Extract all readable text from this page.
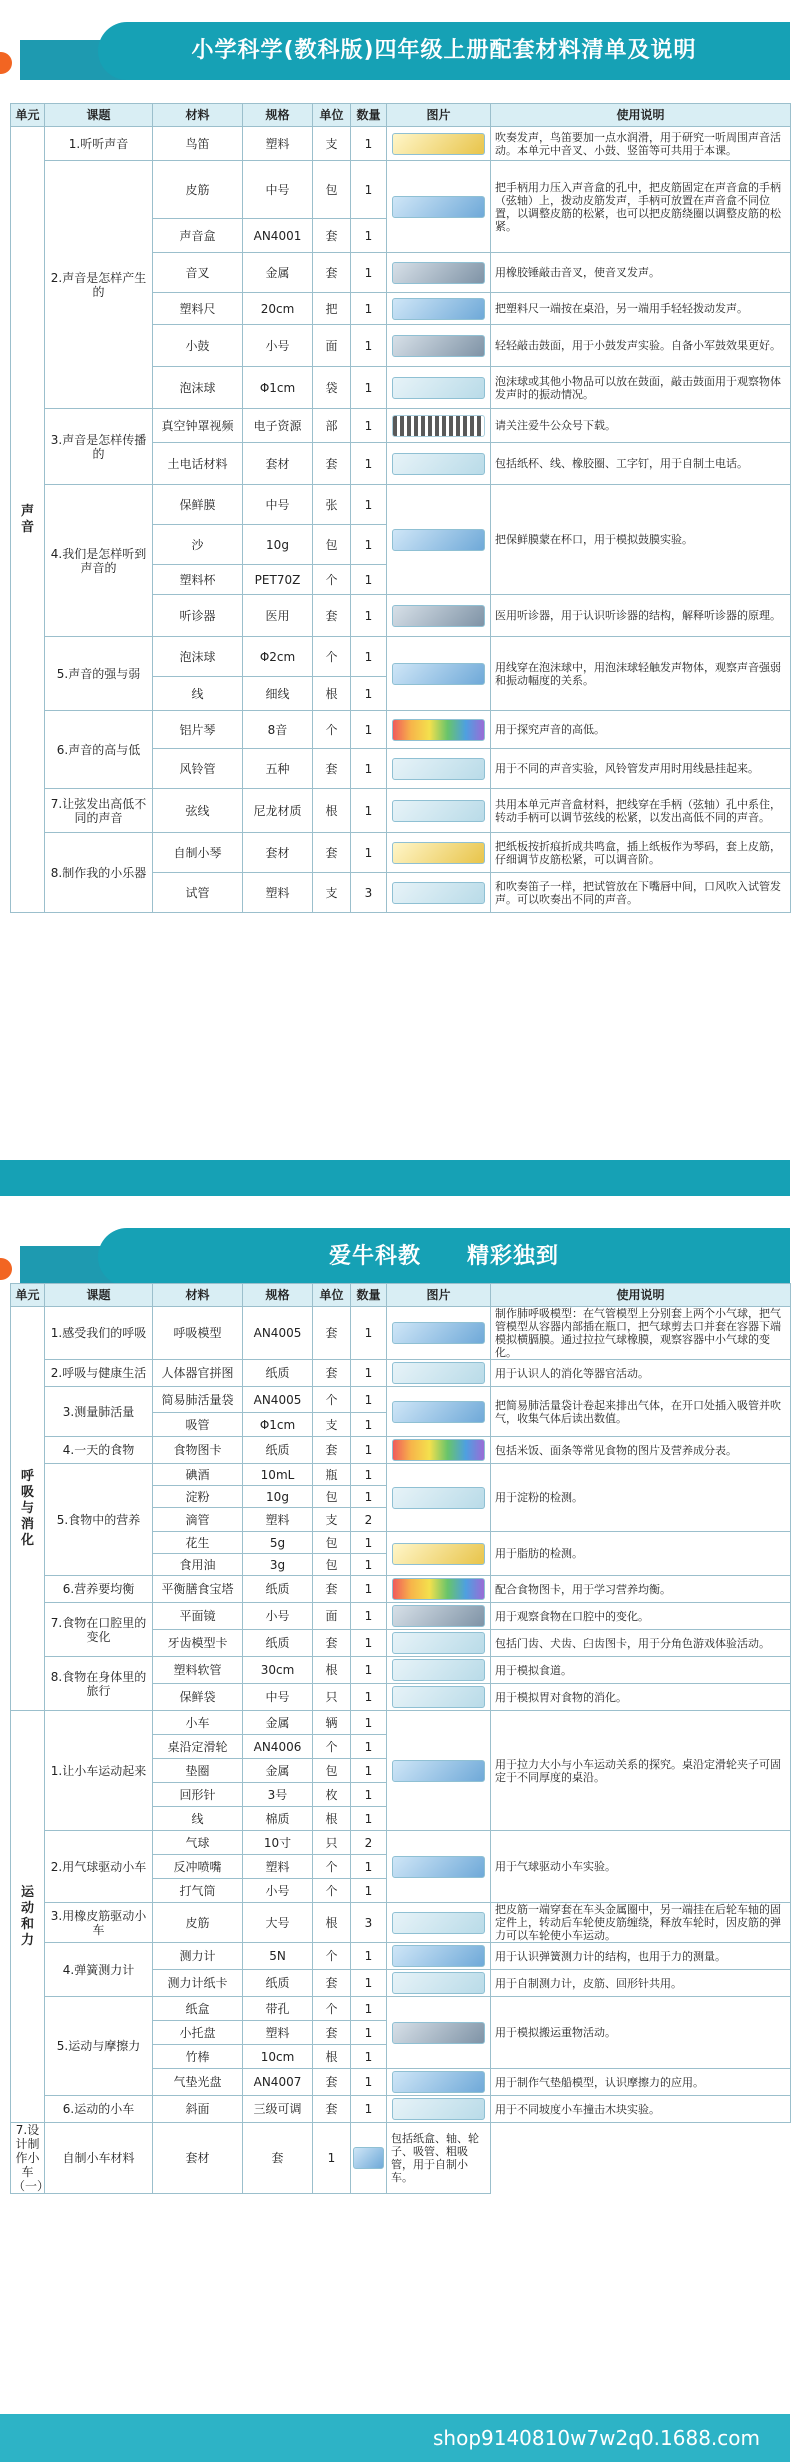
小学科学(教科版)四年级上册配套材料清单及说明
单元	课题	材料	规格	单位	数量	图片	使用说明
声音	1.听听声音	鸟笛	塑料	支	1		吹奏发声，鸟笛要加一点水润滑，用于研究一听周围声音活动。本单元中音叉、小鼓、竖笛等可共用于本课。
	2.声音是怎样产生的	皮筋	中号	包	1		把手柄用力压入声音盒的孔中，把皮筋固定在声音盒的手柄（弦轴）上，拨动皮筋发声，手柄可放置在声音盒不同位置，以调整皮筋的松紧，也可以把皮筋绕圈以调整皮筋的松紧。
		声音盒	AN4001	套	1		
		音叉	金属	套	1		用橡胶锤敲击音叉，使音叉发声。
		塑料尺	20cm	把	1		把塑料尺一端按在桌沿，另一端用手轻轻拨动发声。
		小鼓	小号	面	1		轻轻敲击鼓面，用于小鼓发声实验。自备小军鼓效果更好。
		泡沫球	Φ1cm	袋	1		泡沫球或其他小物品可以放在鼓面，敲击鼓面用于观察物体发声时的振动情况。
	3.声音是怎样传播的	真空钟罩视频	电子资源	部	1		请关注爱牛公众号下载。
		土电话材料	套材	套	1		包括纸杯、线、橡胶圈、工字钉，用于自制土电话。
	4.我们是怎样听到声音的	保鲜膜	中号	张	1		把保鲜膜蒙在杯口，用于模拟鼓膜实验。
		沙	10g	包	1		
		塑料杯	PET70Z	个	1		
		听诊器	医用	套	1		医用听诊器，用于认识听诊器的结构，解释听诊器的原理。
	5.声音的强与弱	泡沫球	Φ2cm	个	1		用线穿在泡沫球中，用泡沫球轻触发声物体，观察声音强弱和振动幅度的关系。
		线	细线	根	1		
	6.声音的高与低	铝片琴	8音	个	1		用于探究声音的高低。
		风铃管	五种	套	1		用于不同的声音实验，风铃管发声用时用线悬挂起来。
	7.让弦发出高低不同的声音	弦线	尼龙材质	根	1		共用本单元声音盒材料，把线穿在手柄（弦轴）孔中系住，转动手柄可以调节弦线的松紧，以发出高低不同的声音。
	8.制作我的小乐器	自制小琴	套材	套	1		把纸板按折痕折成共鸣盒，插上纸板作为琴码，套上皮筋，仔细调节皮筋松紧，可以调音阶。
		试管	塑料	支	3		和吹奏笛子一样，把试管放在下嘴唇中间，口风吹入试管发声。可以吹奏出不同的声音。
爱牛科教　　精彩独到
单元	课题	材料	规格	单位	数量	图片	使用说明
呼吸与消化	1.感受我们的呼吸	呼吸模型	AN4005	套	1		制作肺呼吸模型：在气管模型上分别套上两个小气球，把气管模型从容器内部插在瓶口，把气球剪去口并套在容器下端模拟横膈膜。通过拉拉气球橡膜，观察容器中小气球的变化。
	2.呼吸与健康生活	人体器官拼图	纸质	套	1		用于认识人的消化等器官活动。
	3.测量肺活量	简易肺活量袋	AN4005	个	1		把简易肺活量袋计卷起来排出气体，在开口处插入吸管并吹气，收集气体后读出数值。
		吸管	Φ1cm	支	1		
	4.一天的食物	食物图卡	纸质	套	1		包括米饭、面条等常见食物的图片及营养成分表。
	5.食物中的营养	碘酒	10mL	瓶	1		用于淀粉的检测。
		淀粉	10g	包	1		
		滴管	塑料	支	2		
		花生	5g	包	1		用于脂肪的检测。
		食用油	3g	包	1		
	6.营养要均衡	平衡膳食宝塔	纸质	套	1		配合食物图卡，用于学习营养均衡。
	7.食物在口腔里的变化	平面镜	小号	面	1		用于观察食物在口腔中的变化。
		牙齿模型卡	纸质	套	1		包括门齿、犬齿、臼齿图卡，用于分角色游戏体验活动。
	8.食物在身体里的旅行	塑料软管	30cm	根	1		用于模拟食道。
		保鲜袋	中号	只	1		用于模拟胃对食物的消化。
运动和力	1.让小车运动起来	小车	金属	辆	1		用于拉力大小与小车运动关系的探究。桌沿定滑轮夹子可固定于不同厚度的桌沿。
		桌沿定滑轮	AN4006	个	1		
		垫圈	金属	包	1		
		回形针	3号	枚	1		
		线	棉质	根	1		
	2.用气球驱动小车	气球	10寸	只	2		用于气球驱动小车实验。
		反冲喷嘴	塑料	个	1		
		打气筒	小号	个	1		
	3.用橡皮筋驱动小车	皮筋	大号	根	3		把皮筋一端穿套在车头金属圈中，另一端挂在后轮车轴的固定件上，转动后车轮使皮筋缠绕，释放车轮时，因皮筋的弹力可以车轮使小车运动。
	4.弹簧测力计	测力计	5N	个	1		用于认识弹簧测力计的结构，也用于力的测量。
		测力计纸卡	纸质	套	1		用于自制测力计，皮筋、回形针共用。
	5.运动与摩擦力	纸盒	带孔	个	1		用于模拟搬运重物活动。
		小托盘	塑料	套	1		
		竹棒	10cm	根	1		
		气垫光盘	AN4007	套	1		用于制作气垫船模型，认识摩擦力的应用。
	6.运动的小车	斜面	三级可调	套	1		用于不同坡度小车撞击木块实验。
7.设计制作小车（一）	自制小车材料	套材	套	1		包括纸盒、轴、轮子、吸管、粗吸管，用于自制小车。	
shop9140810w7w2q0.1688.com
